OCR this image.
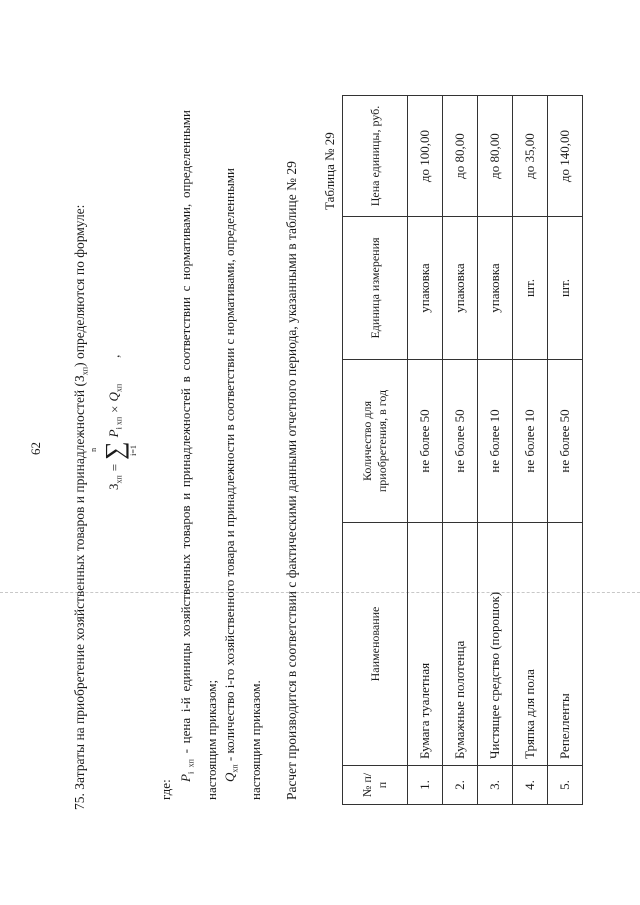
62 75. Затраты на приобретение хозяйственных товаров и принадлежностей $(З_{хп})$ определяются по формуле:
$З_{хп}$
=
∑
n	i=1
$P_{i хп}$
×
$Q_{хп}$
,
где:
$P_{i хп}$ - цена i-й единицы хозяйственных товаров и принадлежностей в соответствии с нормативами, определенными настоящим приказом; $Q_{хп}$ - количество i-го хозяйственного товара и принадлежности в соответствии с нормативами, определенными настоящим приказом. Расчет производится в соответствии с фактическими данными отчетного периода, указанными в таблице № 29 Таблица № 29
№ п/п	Наименование	Количество для приобретения, в год	Единица измерения	Цена единицы, руб.
1.	Бумага туалетная	не более 50	упаковка	до 100,00
2.	Бумажные полотенца	не более 50	упаковка	до 80,00
3.	Чистящее средство (порошок)	не более 10	упаковка	до 80,00
4.	Тряпка для пола	не более 10	шт.	до 35,00
5.	Репелленты	не более 50	шт.	до 140,00
